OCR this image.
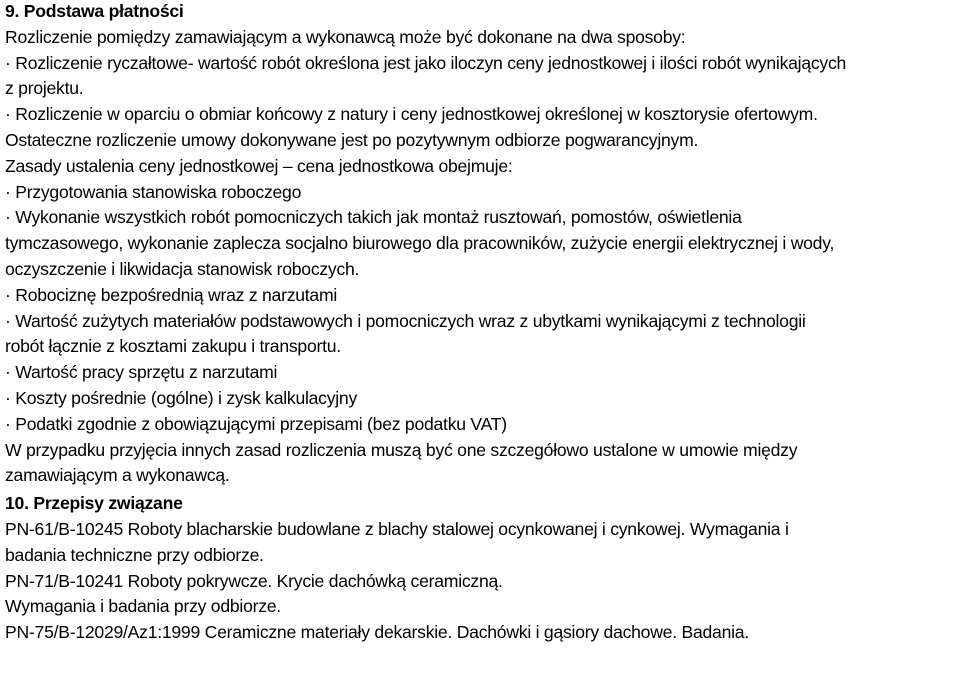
9. Podstawa płatności
Rozliczenie pomiędzy zamawiającym a wykonawcą może być dokonane na dwa sposoby:
· Rozliczenie ryczałtowe- wartość robót określona jest jako iloczyn ceny jednostkowej i ilości robót wynikających
z projektu.
· Rozliczenie w oparciu o obmiar końcowy z natury i ceny jednostkowej określonej w kosztorysie ofertowym.
Ostateczne rozliczenie umowy dokonywane jest po pozytywnym odbiorze pogwarancyjnym.
Zasady ustalenia ceny jednostkowej – cena jednostkowa obejmuje:
· Przygotowania stanowiska roboczego
· Wykonanie wszystkich robót pomocniczych takich jak montaż rusztowań, pomostów, oświetlenia
tymczasowego, wykonanie zaplecza socjalno biurowego dla pracowników, zużycie energii elektrycznej i wody,
oczyszczenie i likwidacja stanowisk roboczych.
· Robociznę bezpośrednią wraz z narzutami
· Wartość zużytych materiałów podstawowych i pomocniczych wraz z ubytkami wynikającymi z technologii
robót łącznie z kosztami zakupu i transportu.
· Wartość pracy sprzętu z narzutami
· Koszty pośrednie (ogólne) i zysk kalkulacyjny
· Podatki zgodnie z obowiązującymi przepisami (bez podatku VAT)
W przypadku przyjęcia innych zasad rozliczenia muszą być one szczegółowo ustalone w umowie między
zamawiającym a wykonawcą.
10. Przepisy związane
PN-61/B-10245 Roboty blacharskie budowlane z blachy stalowej ocynkowanej i cynkowej. Wymagania i
badania techniczne przy odbiorze.
PN-71/B-10241 Roboty pokrywcze. Krycie dachówką ceramiczną.
Wymagania i badania przy odbiorze.
PN-75/B-12029/Az1:1999 Ceramiczne materiały dekarskie. Dachówki i gąsiory dachowe. Badania.
